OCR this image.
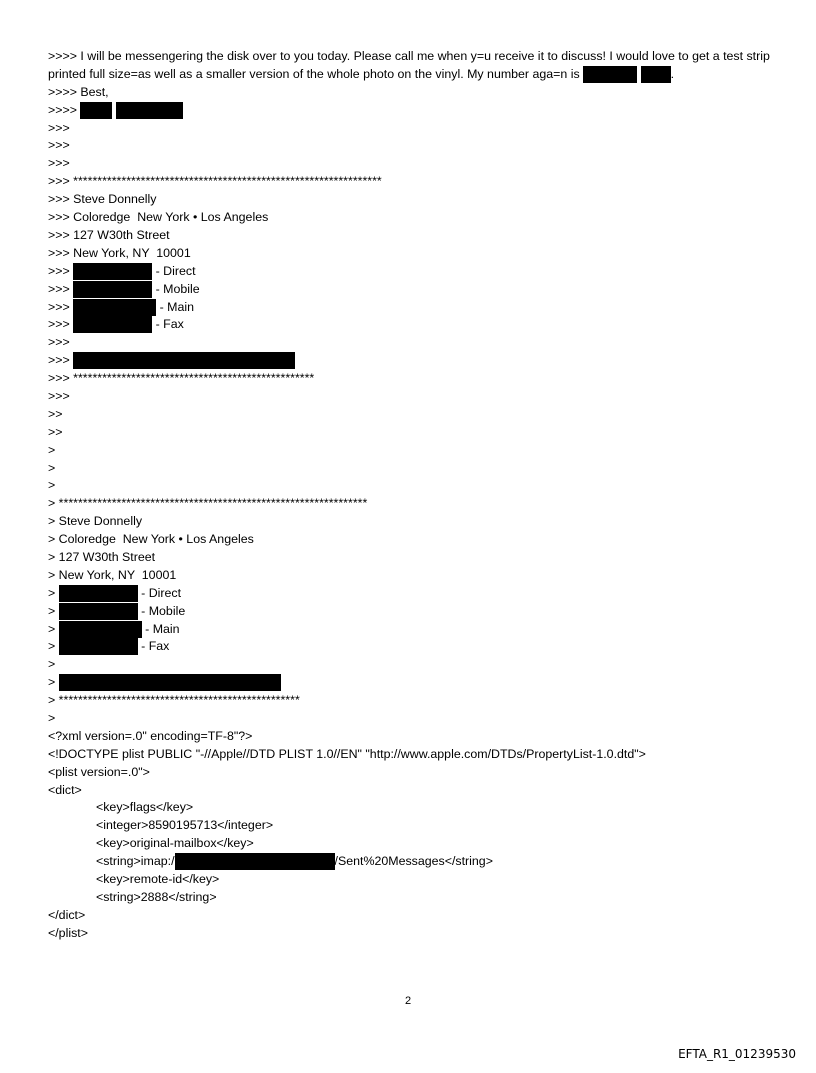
>>>> I will be messengering the disk over to you today. Please call me when y=u receive it to discuss! I would love to get a test strip printed full size=as well as a smaller version of the whole photo on the vinyl. My number aga=n is	.
>>>> Best,
>>>>
>>>
>>>
>>>
>>> ****************************************************************
>>> Steve Donnelly
>>> Coloredge  New York • Los Angeles
>>> 127 W30th Street
>>> New York, NY  10001
>>>	- Direct
>>>	- Mobile
>>>	- Main
>>>	- Fax
>>>
>>>
>>> **************************************************
>>>
>>
>>
>
>
>
> ****************************************************************
> Steve Donnelly
> Coloredge  New York • Los Angeles
> 127 W30th Street
> New York, NY  10001
>	- Direct
>	- Mobile
>	- Main
>	- Fax
>
>
> **************************************************
>
<?xml version=.0" encoding=TF-8"?>
<!DOCTYPE plist PUBLIC "-//Apple//DTD PLIST 1.0//EN" "http://www.apple.com/DTDs/PropertyList-1.0.dtd">
<plist version=.0">
<dict>
<key>flags</key>
<integer>8590195713</integer>
<key>original-mailbox</key>
<string>imap:/	/Sent%20Messages</string>
<key>remote-id</key>
<string>2888</string>
</dict>
</plist>
2
EFTA_R1_01239530
